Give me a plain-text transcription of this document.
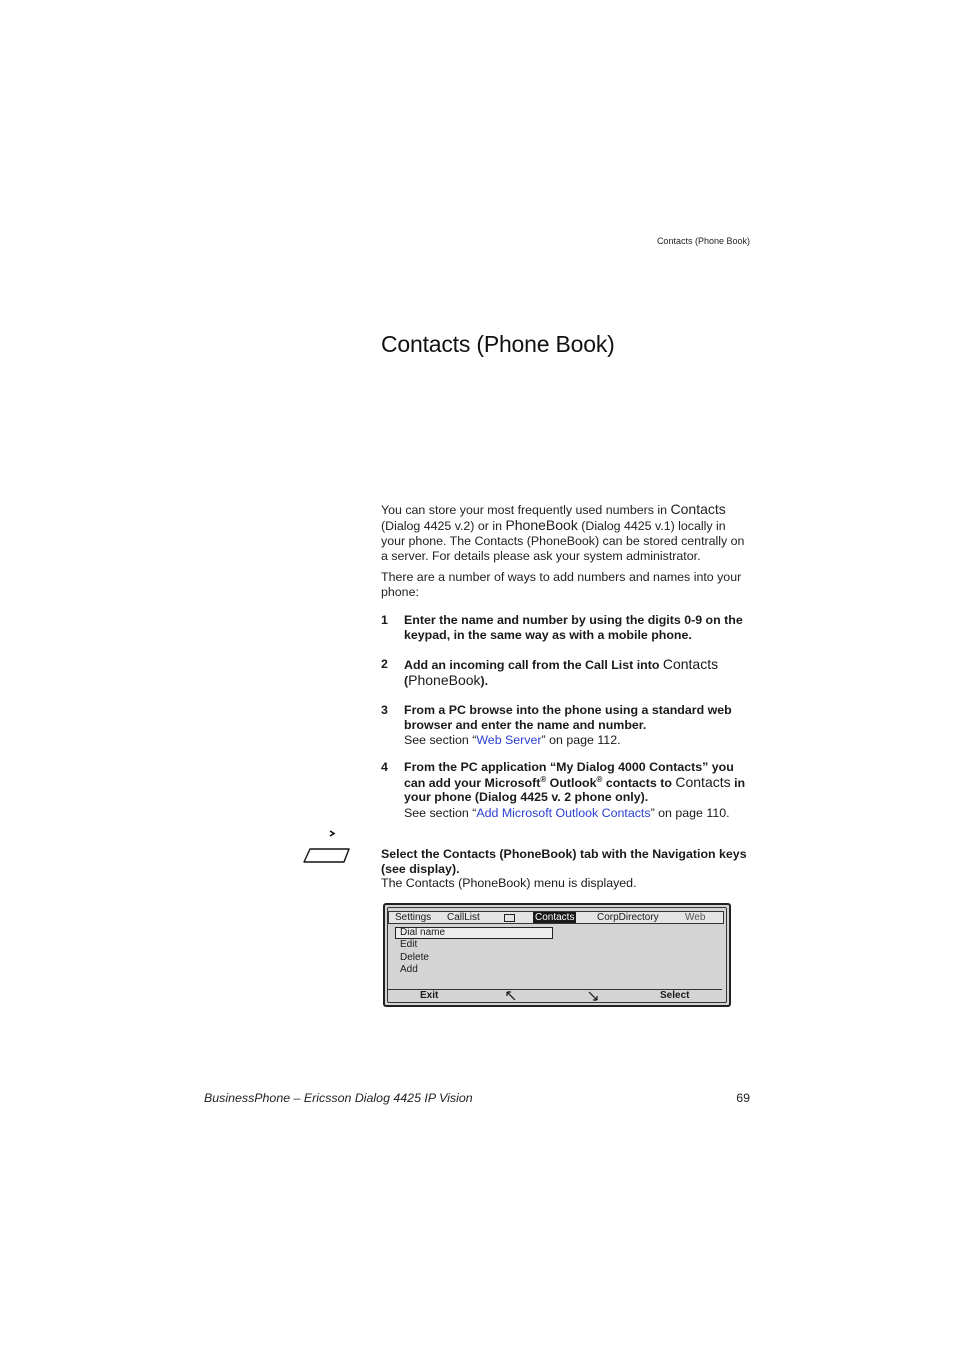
Contacts (Phone Book)
Contacts (Phone Book)
You can store your most frequently used numbers in Contacts (Dialog 4425 v.2) or in PhoneBook (Dialog 4425 v.1) locally in your phone. The Contacts (PhoneBook) can be stored centrally on a server. For details please ask your system administrator.
There are a number of ways to add numbers and names into your phone:
1 Enter the name and number by using the digits 0-9 on the keypad, in the same way as with a mobile phone.
2 Add an incoming call from the Call List into Contacts
(PhoneBook).
3 From a PC browse into the phone using a standard web browser and enter the name and number.
See section “Web Server” on page 112.
4 From the PC application “My Dialog 4000 Contacts” you can add your Microsoft® Outlook® contacts to Contacts in your phone (Dialog 4425 v. 2 phone only).
See section “Add Microsoft Outlook Contacts” on page 110.
Select the Contacts (PhoneBook) tab with the Navigation keys (see display).
The Contacts (PhoneBook) menu is displayed.
Settings CallList	Contacts CorpDirectory	Web
Dial name
Edit
Delete
Add
Exit	Select
BusinessPhone – Ericsson Dialog 4425 IP Vision	69
